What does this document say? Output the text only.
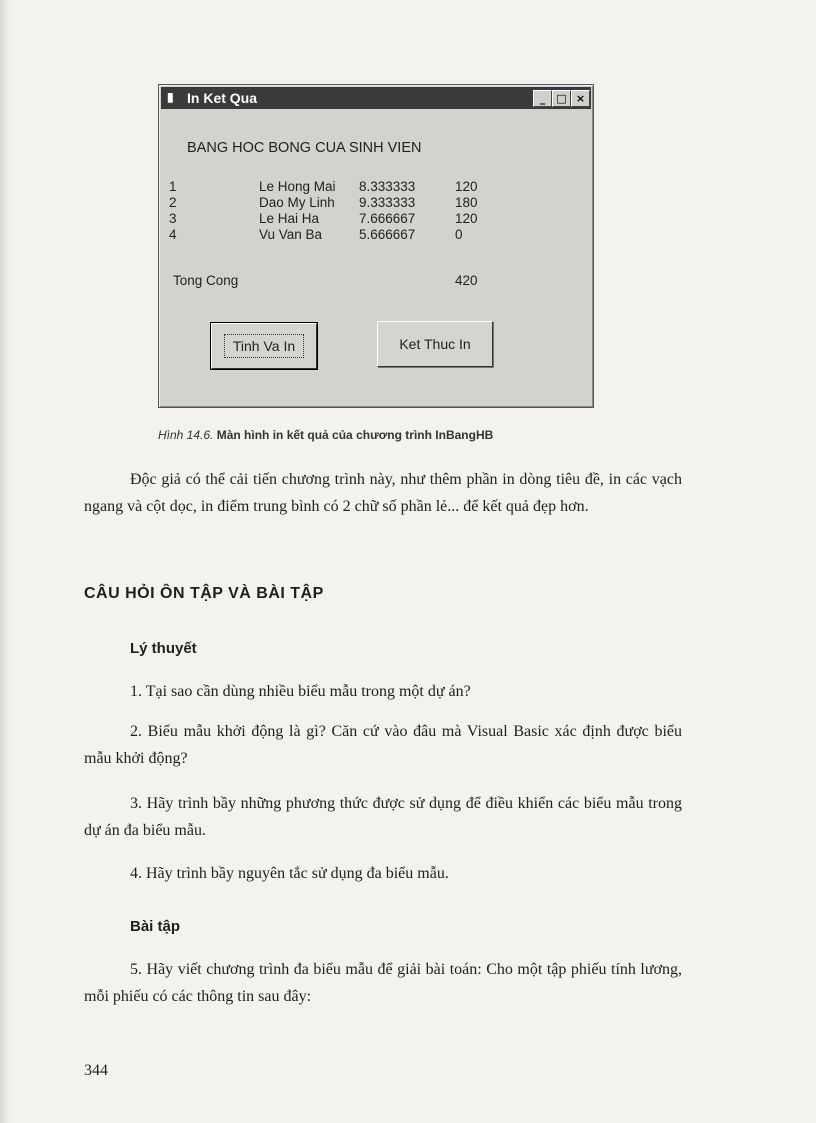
▮ In Ket Qua	_	□ ×
BANG HOC BONG CUA SINH VIEN
1	Le Hong Mai 8.333333	120
2	Dao My Linh 9.333333	180
3	Le Hai Ha	7.666667	120
4	Vu Van Ba	5.666667	0
Tong Cong	420
Tinh Va In	Ket Thuc In
Hình 14.6. Màn hình in kết quả của chương trình InBangHB
Độc giả có thể cải tiến chương trình này, như thêm phần in dòng tiêu đề, in các vạch ngang và cột dọc, in điểm trung bình có 2 chữ số phần lẻ... để kết quả đẹp hơn.
CÂU HỎI ÔN TẬP VÀ BÀI TẬP
Lý thuyết
1. Tại sao cần dùng nhiều biểu mẫu trong một dự án?
2. Biểu mẫu khởi động là gì? Căn cứ vào đâu mà Visual Basic xác định được biểu mẫu khởi động?
3. Hãy trình bầy những phương thức được sử dụng để điều khiển các biểu mẫu trong dự án đa biểu mẫu.
4. Hãy trình bầy nguyên tắc sử dụng đa biểu mẫu.
Bài tập
5. Hãy viết chương trình đa biểu mẫu để giải bài toán: Cho một tập phiếu tính lương, mỗi phiếu có các thông tin sau đây:
344
